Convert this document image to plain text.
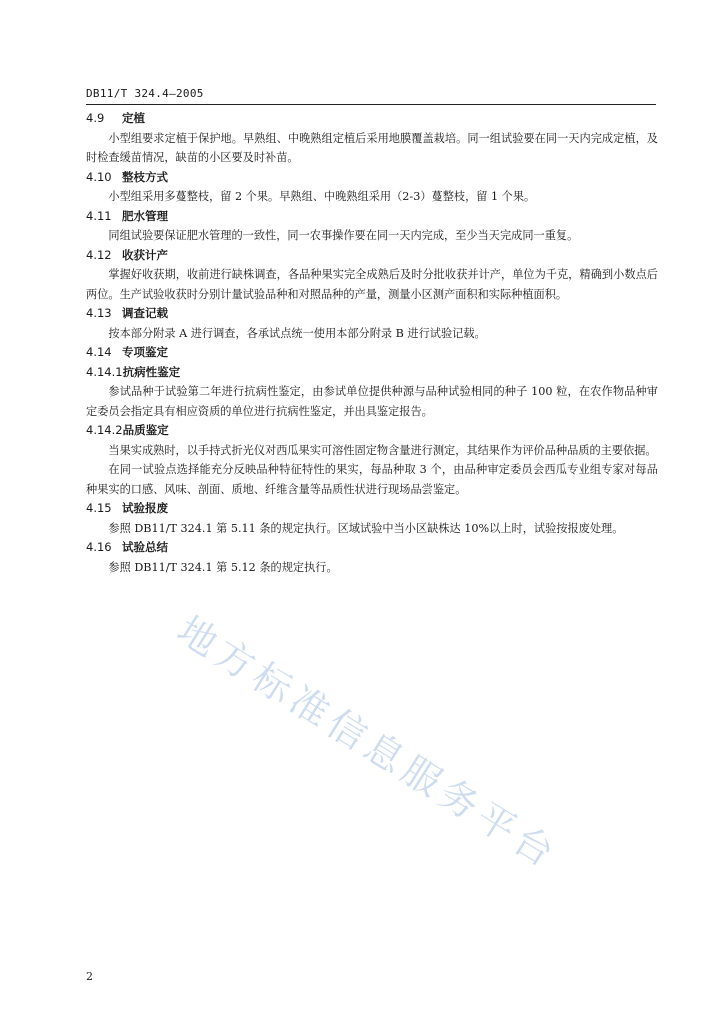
DB11/T 324.4—2005
4.9 定植

小型组要求定植于保护地。早熟组、中晚熟组定植后采用地膜覆盖栽培。同一组试验要在同一天内完成定植，及时检查缓苗情况，缺苗的小区要及时补苗。

4.10 整枝方式

小型组采用多蔓整枝，留 2 个果。早熟组、中晚熟组采用（2-3）蔓整枝，留 1 个果。

4.11 肥水管理

同组试验要保证肥水管理的一致性，同一农事操作要在同一天内完成，至少当天完成同一重复。

4.12 收获计产

掌握好收获期，收前进行缺株调查，各品种果实完全成熟后及时分批收获并计产，单位为千克，精确到小数点后两位。生产试验收获时分别计量试验品种和对照品种的产量，测量小区测产面积和实际种植面积。

4.13 调查记载

按本部分附录 A 进行调查，各承试点统一使用本部分附录 B 进行试验记载。

4.14 专项鉴定
4.14.1抗病性鉴定

参试品种于试验第二年进行抗病性鉴定，由参试单位提供种源与品种试验相同的种子 100 粒，在农作物品种审定委员会指定具有相应资质的单位进行抗病性鉴定，并出具鉴定报告。

4.14.2品质鉴定

当果实成熟时，以手持式折光仪对西瓜果实可溶性固定物含量进行测定，其结果作为评价品种品质的主要依据。

在同一试验点选择能充分反映品种特征特性的果实，每品种取 3 个，由品种审定委员会西瓜专业组专家对每品种果实的口感、风味、剖面、质地、纤维含量等品质性状进行现场品尝鉴定。

4.15 试验报废

参照 DB11/T 324.1 第 5.11 条的规定执行。区域试验中当小区缺株达 10%以上时，试验按报废处理。

4.16 试验总结

参照 DB11/T 324.1 第 5.12 条的规定执行。

地方标准信息服务平台
2
